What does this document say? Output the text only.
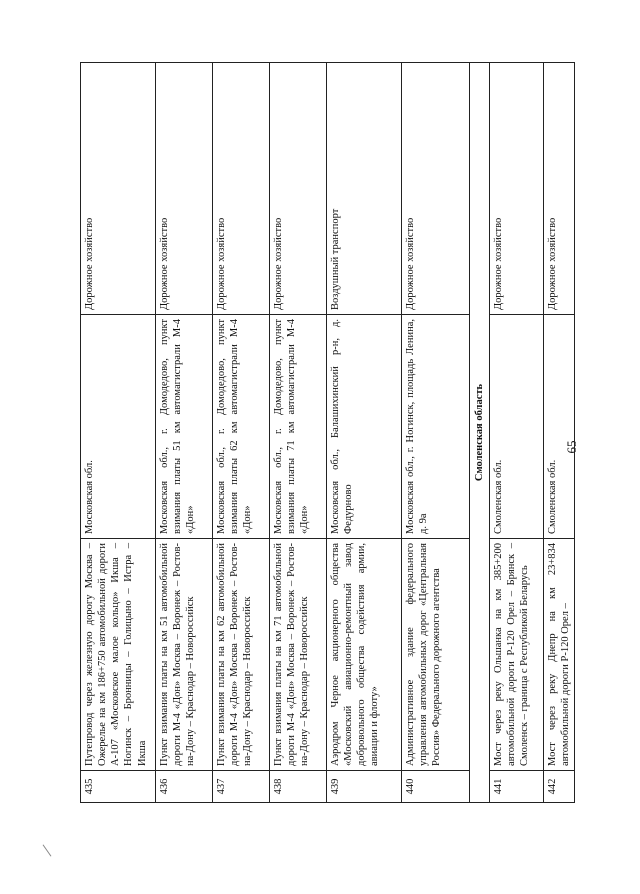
65
435	Путепровод через железную дорогу Москва – Ожерелье на км 186+750 автомобильной дороги А-107 «Московское малое кольцо» Икша – Ногинск – Бронницы – Голицыно – Истра – Икша	Московская обл.	Дорожное хозяйство
436	Пункт взимания платы на км 51 автомобильной дороги М-4 «Дон» Москва – Воронеж – Ростов-на-Дону – Краснодар – Новороссийск	Московская обл., г. Домодедово, пункт взимания платы 51 км автомагистрали М-4 «Дон»	Дорожное хозяйство
437	Пункт взимания платы на км 62 автомобильной дороги М-4 «Дон» Москва – Воронеж – Ростов-на-Дону – Краснодар – Новороссийск	Московская обл., г. Домодедово, пункт взимания платы 62 км автомагистрали М-4 «Дон»	Дорожное хозяйство
438	Пункт взимания платы на км 71 автомобильной дороги М-4 «Дон» Москва – Воронеж – Ростов-на-Дону – Краснодар – Новороссийск	Московская обл., г. Домодедово, пункт взимания платы 71 км автомагистрали М-4 «Дон»	Дорожное хозяйство
439	Аэродром Черное акционерного общества «Московский авиационно-ремонтный завод добровольного общества содействия армии, авиации и флоту»	Московская обл., Балашихинский р-н, д. Федурново	Воздушный транспорт
440	Административное здание федерального управления автомобильных дорог «Центральная Россия» Федерального дорожного агентства	Московская обл., г. Ногинск, площадь Ленина, д. 9а	Дорожное хозяйство
Смоленская область			
441	Мост через реку Ольшанка на км 385+200 автомобильной дороги Р-120 Орел – Брянск – Смоленск – граница с Республикой Беларусь	Смоленская обл.	Дорожное хозяйство
442	Мост через реку Днепр на км 23+834 автомобильной дороги Р-120 Орел –	Смоленская обл.	Дорожное хозяйство
